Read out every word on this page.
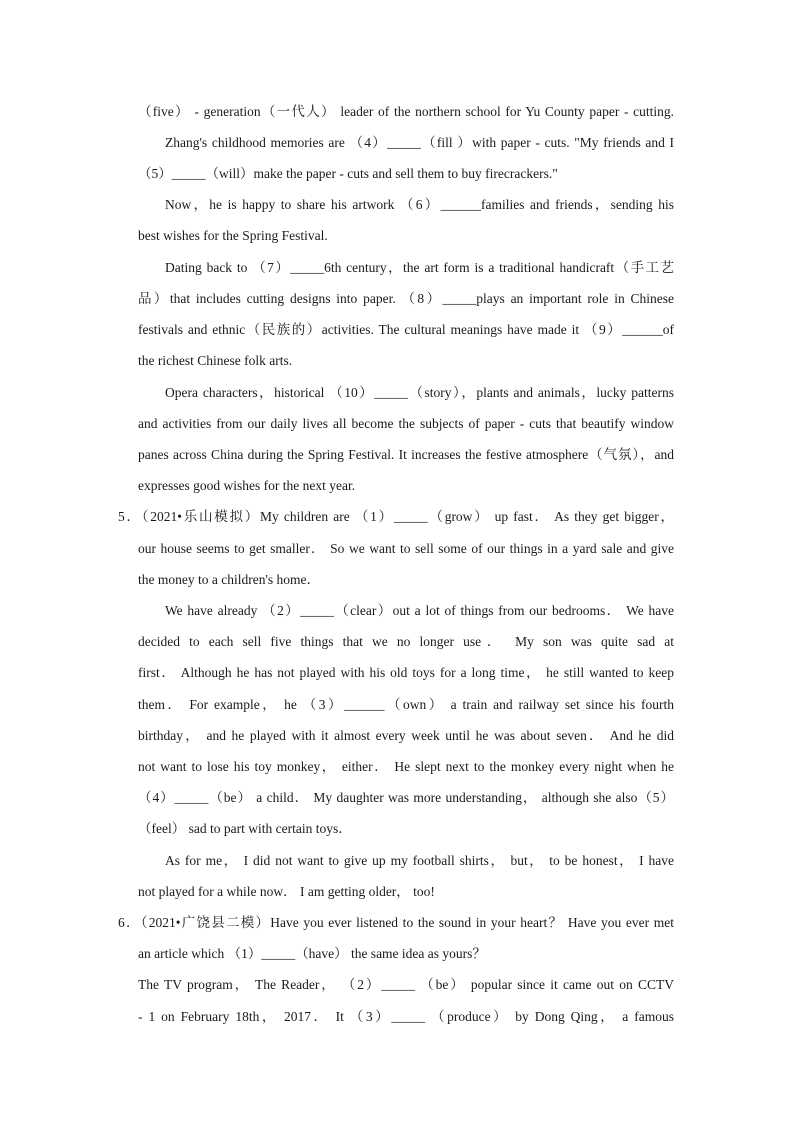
（five） - generation（一代人） leader of the northern school for Yu County paper - cutting.
Zhang's childhood memories are （4）_____（fill ）with paper - cuts. "My friends and I
（5）_____（will）make the paper - cuts and sell them to buy firecrackers."
Now，he is happy to share his artwork （6）______families and friends，sending his
best wishes for the Spring Festival.
Dating back to （7）_____6th century，the art form is a traditional handicraft（手工艺
品）that includes cutting designs into paper. （8）_____plays an important role in Chinese
festivals and ethnic（民族的）activities. The cultural meanings have made it （9）______of
the richest Chinese folk arts.
Opera characters，historical （10）_____（story），plants and animals，lucky patterns
and activities from our daily lives all become the subjects of paper - cuts that beautify window
panes across China during the Spring Festival. It increases the festive atmosphere（气氛），and
expresses good wishes for the next year.
5．（2021•乐山模拟）My children are （1）_____（grow） up fast． As they get bigger，
our house seems to get smaller． So we want to sell some of our things in a yard sale and give
the money to a children's home．
We have already （2）_____（clear）out a lot of things from our bedrooms． We have
decided to each sell five things that we no longer use． My son was quite sad at
first． Although he has not played with his old toys for a long time， he still wanted to keep
them． For example， he （3）______（own） a train and railway set since his fourth
birthday， and he played with it almost every week until he was about seven． And he did
not want to lose his toy monkey， either． He slept next to the monkey every night when he
（4）_____（be） a child． My daughter was more understanding， although she also（5）
（feel） sad to part with certain toys．
As for me， I did not want to give up my football shirts， but， to be honest， I have
not played for a while now． I am getting older， too!
6．（2021•广饶县二模）Have you ever listened to the sound in your heart？ Have you ever met
an article which （1）_____（have） the same idea as yours？
The TV program， The Reader， （2）_____ （be） popular since it came out on CCTV
- 1 on February 18th， 2017． It （3）_____ （produce） by Dong Qing， a famous
